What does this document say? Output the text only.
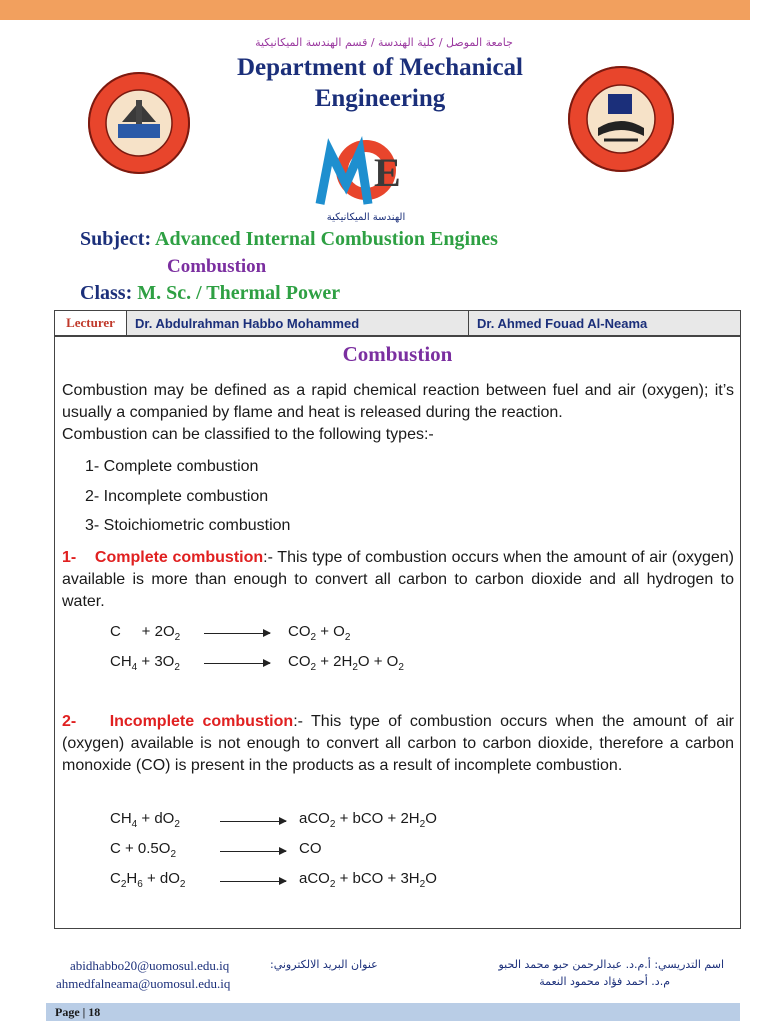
جامعة الموصل / كلية الهندسة / قسم الهندسة الميكانيكية
Department of Mechanical Engineering
E
الهندسة الميكانيكية
Subject: Advanced Internal Combustion Engines
Combustion
Class: M. Sc. / Thermal Power
Lecturer	Dr. Abdulrahman Habbo Mohammed	Dr. Ahmed Fouad Al-Neama
Combustion
Combustion may be defined as a rapid chemical reaction between fuel and air (oxygen); it’s usually a companied by flame and heat is released during the reaction.
Combustion can be classified to the following types:-
1- Complete combustion
2- Incomplete combustion
3- Stoichiometric combustion
1- Complete combustion:- This type of combustion occurs when the amount of air (oxygen) available is more than enough to convert all carbon to carbon dioxide and all hydrogen to water.
C     + $2O_2$	$CO_2 + O_2$
$CH_4 + 3O_2$	$CO_2 + 2H_2O + O_2$
2- Incomplete combustion:- This type of combustion occurs when the amount of air (oxygen) available is not enough to convert all carbon to carbon dioxide, therefore a carbon monoxide (CO) is present in the products as a result of incomplete combustion.
$CH_4 + dO_2$	aCO$_2$ + bCO + $2H_2O$
$C + 0.5O_2$	CO
$C_2H_6 + dO_2$	aCO$_2$ + bCO + $3H_2O$
abidhabbo20@uomosul.edu.iq	عنوان البريد الالكتروني:
ahmedfalneama@uomosul.edu.iq
اسم التدريسي: أ.م.د. عبدالرحمن حبو محمد الحبو
م.د. أحمد فؤاد محمود النعمة
Page | 18
